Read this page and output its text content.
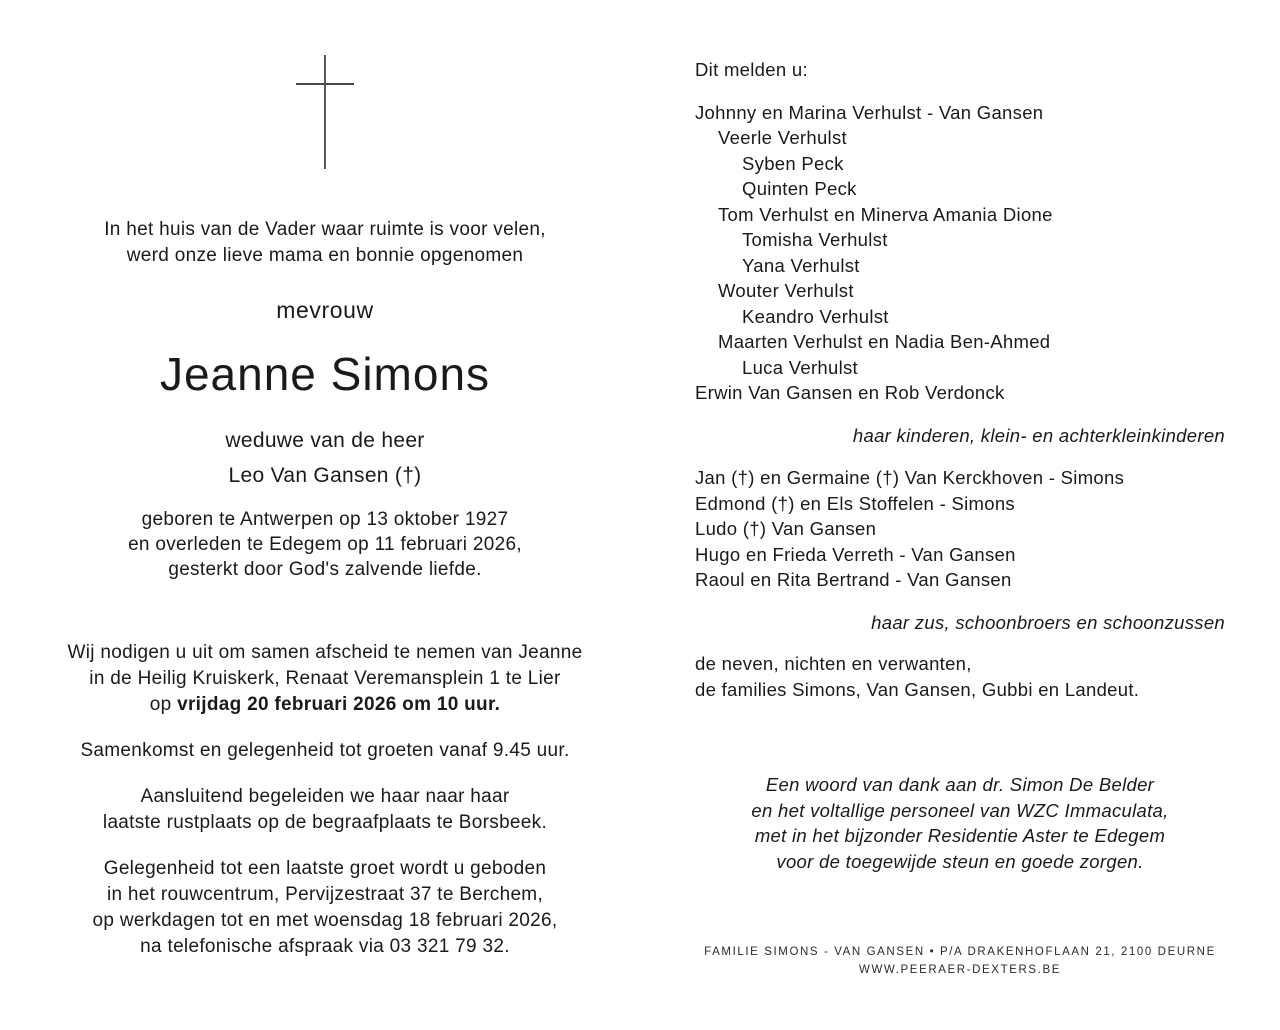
In het huis van de Vader waar ruimte is voor velen,
werd onze lieve mama en bonnie opgenomen
mevrouw
Jeanne Simons
weduwe van de heer
Leo Van Gansen (†)
geboren te Antwerpen op 13 oktober 1927
en overleden te Edegem op 11 februari 2026,
gesterkt door God's zalvende liefde.
Wij nodigen u uit om samen afscheid te nemen van Jeanne
in de Heilig Kruiskerk, Renaat Veremansplein 1 te Lier
op vrijdag 20 februari 2026 om 10 uur.
Samenkomst en gelegenheid tot groeten vanaf 9.45 uur.
Aansluitend begeleiden we haar naar haar
laatste rustplaats op de begraafplaats te Borsbeek.
Gelegenheid tot een laatste groet wordt u geboden
in het rouwcentrum, Pervijzestraat 37 te Berchem,
op werkdagen tot en met woensdag 18 februari 2026,
na telefonische afspraak via 03 321 79 32.
Dit melden u:
Johnny en Marina Verhulst - Van Gansen
Veerle Verhulst
Syben Peck
Quinten Peck
Tom Verhulst en Minerva Amania Dione
Tomisha Verhulst
Yana Verhulst
Wouter Verhulst
Keandro Verhulst
Maarten Verhulst en Nadia Ben-Ahmed
Luca Verhulst
Erwin Van Gansen en Rob Verdonck
haar kinderen, klein- en achterkleinkinderen
Jan (†) en Germaine (†) Van Kerckhoven - Simons
Edmond (†) en Els Stoffelen - Simons
Ludo (†) Van Gansen
Hugo en Frieda Verreth - Van Gansen
Raoul en Rita Bertrand - Van Gansen
haar zus, schoonbroers en schoonzussen
de neven, nichten en verwanten,
de families Simons, Van Gansen, Gubbi en Landeut.
Een woord van dank aan dr. Simon De Belder
en het voltallige personeel van WZC Immaculata,
met in het bijzonder Residentie Aster te Edegem
voor de toegewijde steun en goede zorgen.
FAMILIE SIMONS - VAN GANSEN • P/A DRAKENHOFLAAN 21, 2100 DEURNE
WWW.PEERAER-DEXTERS.BE
